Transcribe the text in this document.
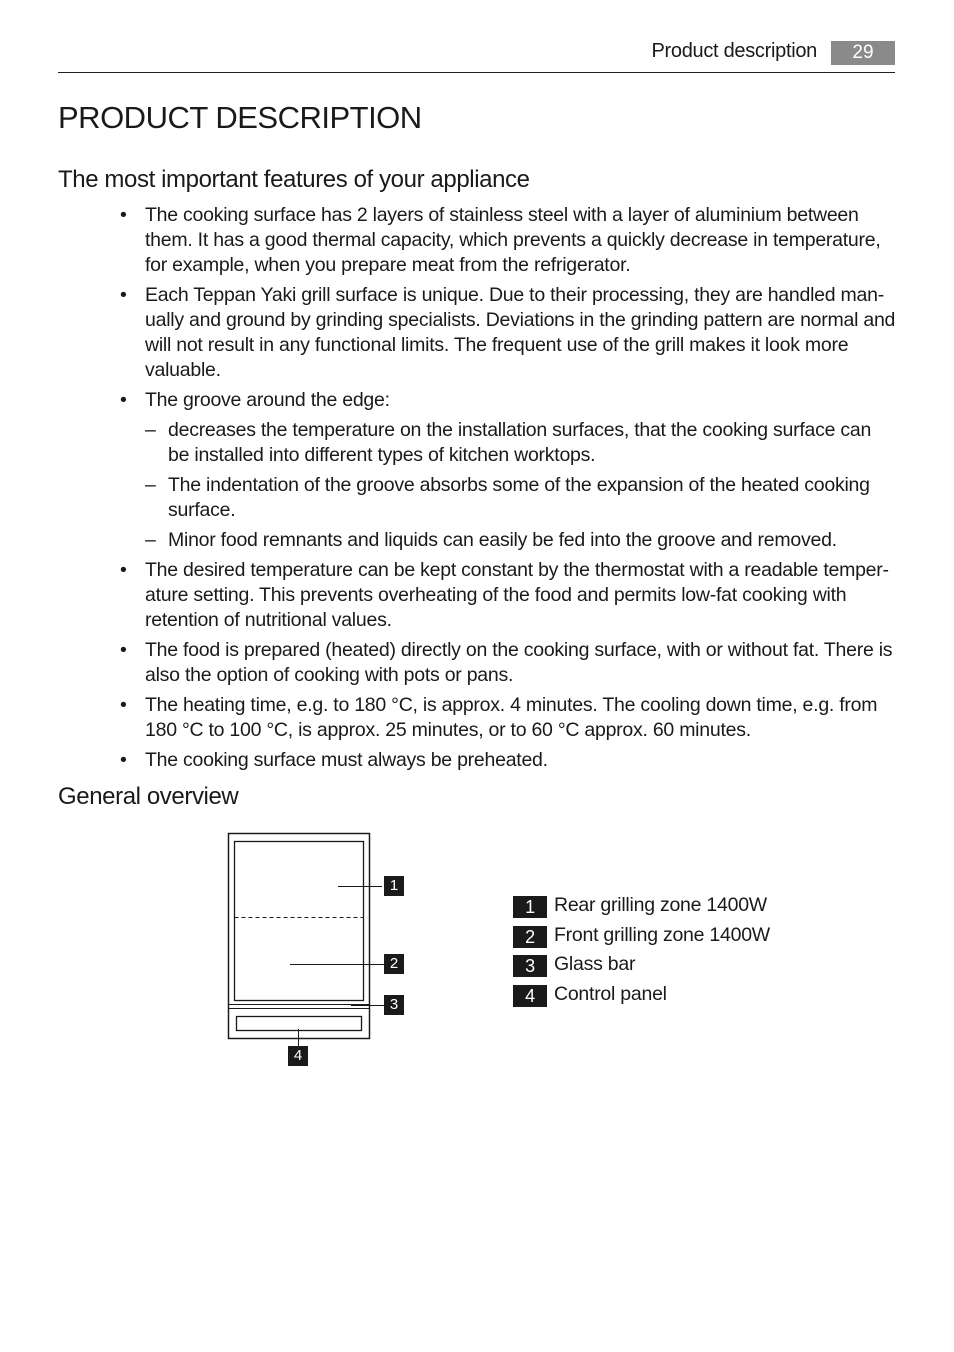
Product description	29
PRODUCT DESCRIPTION
The most important features of your appliance
• The cooking surface has 2 layers of stainless steel with a layer of aluminium between them. It has a good thermal capacity, which prevents a quickly decrease in temperature, for example, when you prepare meat from the refrigerator.
• Each Teppan Yaki grill surface is unique. Due to their processing, they are handled man- ually and ground by grinding specialists. Deviations in the grinding pattern are normal and will not result in any functional limits. The frequent use of the grill makes it look more valuable.
• The groove around the edge:
– decreases the temperature on the installation surfaces, that the cooking surface can be installed into different types of kitchen worktops.
– The indentation of the groove absorbs some of the expansion of the heated cooking surface.
– Minor food remnants and liquids can easily be fed into the groove and removed.
• The desired temperature can be kept constant by the thermostat with a readable temper- ature setting. This prevents overheating of the food and permits low-fat cooking with retention of nutritional values.
• The food is prepared (heated) directly on the cooking surface, with or without fat. There is also the option of cooking with pots or pans.
• The heating time, e.g. to 180 °C, is approx. 4 minutes. The cooling down time, e.g. from 180 °C to 100 °C, is approx. 25 minutes, or to 60 °C approx. 60 minutes.
• The cooking surface must always be preheated.
General overview
1
2
3
4
1 Rear grilling zone 1400W
2 Front grilling zone 1400W
3 Glass bar
4 Control panel
